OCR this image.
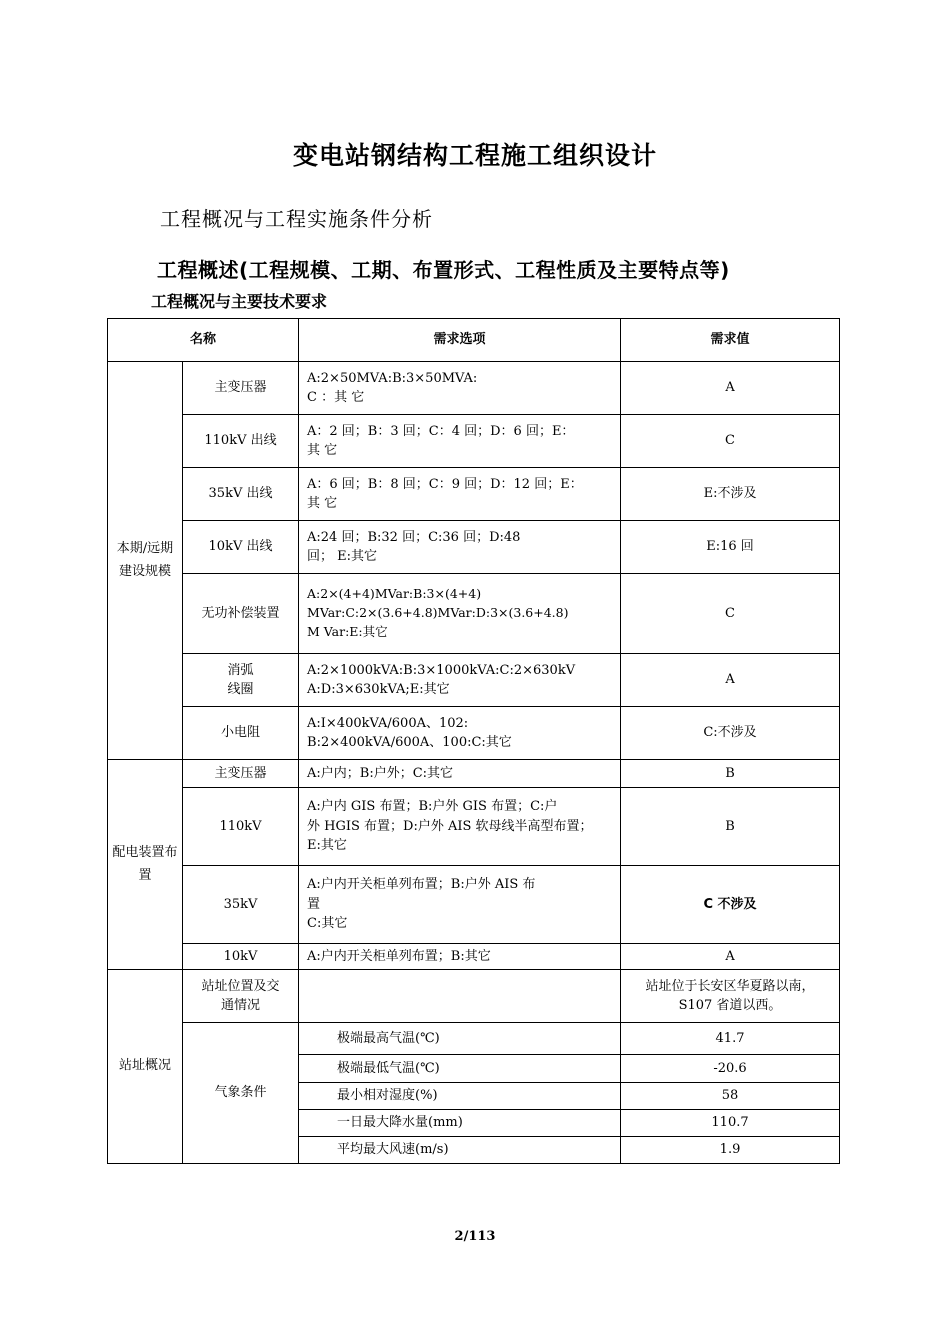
变电站钢结构工程施工组织设计
工程概况与工程实施条件分析
工程概述(工程规模、工期、布置形式、工程性质及主要特点等)
工程概况与主要技术要求
名称		需求选项	需求值
本期/远期建设规模	主变压器	A:2×50MVA:B:3×50MVA:
C ：其 它	A
	110kV 出线	A：2 回；B：3 回；C：4 回；D：6 回；E：
其 它	C
	35kV 出线	A：6 回；B：8 回；C：9 回；D：12 回；E：
其 它	E:不涉及
	10kV 出线	A:24 回；B:32 回；C:36 回；D:48
回； E:其它	E:16 回
	无功补偿装置	A:2×(4+4)MVar:B:3×(4+4)
MVar:C:2×(3.6+4.8)MVar:D:3×(3.6+4.8)
M Var:E:其它	C
	消弧
线圈	A:2×1000kVA:B:3×1000kVA:C:2×630kV
A:D:3×630kVA;E:其它	A
	小电阻	A:I×400kVA/600A、102:
B:2×400kVA/600A、100:C:其它	C:不涉及
配电装置布置	主变压器	A:户内；B:户外；C:其它	B
	110kV	A:户内 GIS 布置；B:户外 GIS 布置；C:户
外 HGIS 布置；D:户外 AIS 软母线半高型布置；
E:其它	B
	35kV	A:户内开关柜单列布置；B:户外 AIS 布
置
C:其它	C 不涉及
	10kV	A:户内开关柜单列布置；B:其它	A
站址概况	站址位置及交
通情况		站址位于长安区华夏路以南，
S107 省道以西。
	气象条件	极端最高气温(℃)	41.7
		极端最低气温(℃)	-20.6
		最小相对湿度(%)	58
		一日最大降水量(mm)	110.7
		平均最大风速(m/s)	1.9
2/113
